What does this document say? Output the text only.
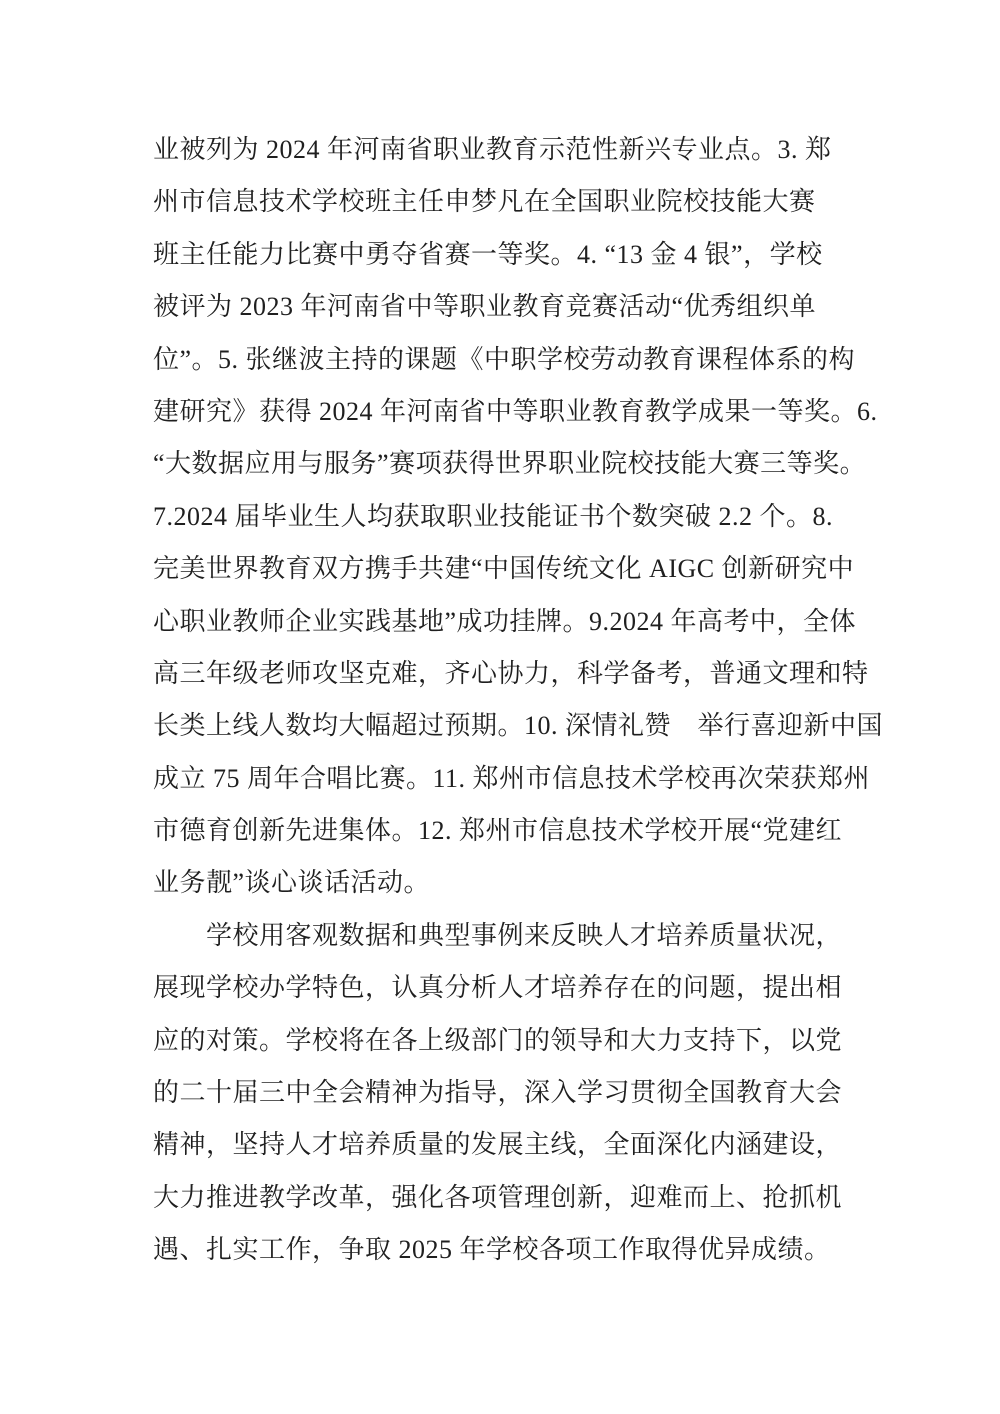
业被列为 2024 年河南省职业教育示范性新兴专业点。3. 郑
州市信息技术学校班主任申梦凡在全国职业院校技能大赛
班主任能力比赛中勇夺省赛一等奖。4. “13 金 4 银”，学校
被评为 2023 年河南省中等职业教育竞赛活动“优秀组织单
位”。5. 张继波主持的课题《中职学校劳动教育课程体系的构
建研究》获得 2024 年河南省中等职业教育教学成果一等奖。6.
“大数据应用与服务”赛项获得世界职业院校技能大赛三等奖。
7.2024 届毕业生人均获取职业技能证书个数突破 2.2 个。8.
完美世界教育双方携手共建“中国传统文化 AIGC 创新研究中
心职业教师企业实践基地”成功挂牌。9.2024 年高考中，全体
高三年级老师攻坚克难，齐心协力，科学备考，普通文理和特
长类上线人数均大幅超过预期。10. 深情礼赞　举行喜迎新中国
成立 75 周年合唱比赛。11. 郑州市信息技术学校再次荣获郑州
市德育创新先进集体。12. 郑州市信息技术学校开展“党建红
业务靓”谈心谈话活动。
学校用客观数据和典型事例来反映人才培养质量状况，
展现学校办学特色，认真分析人才培养存在的问题，提出相
应的对策。学校将在各上级部门的领导和大力支持下，以党
的二十届三中全会精神为指导，深入学习贯彻全国教育大会
精神，坚持人才培养质量的发展主线，全面深化内涵建设，
大力推进教学改革，强化各项管理创新，迎难而上、抢抓机
遇、扎实工作，争取 2025 年学校各项工作取得优异成绩。
